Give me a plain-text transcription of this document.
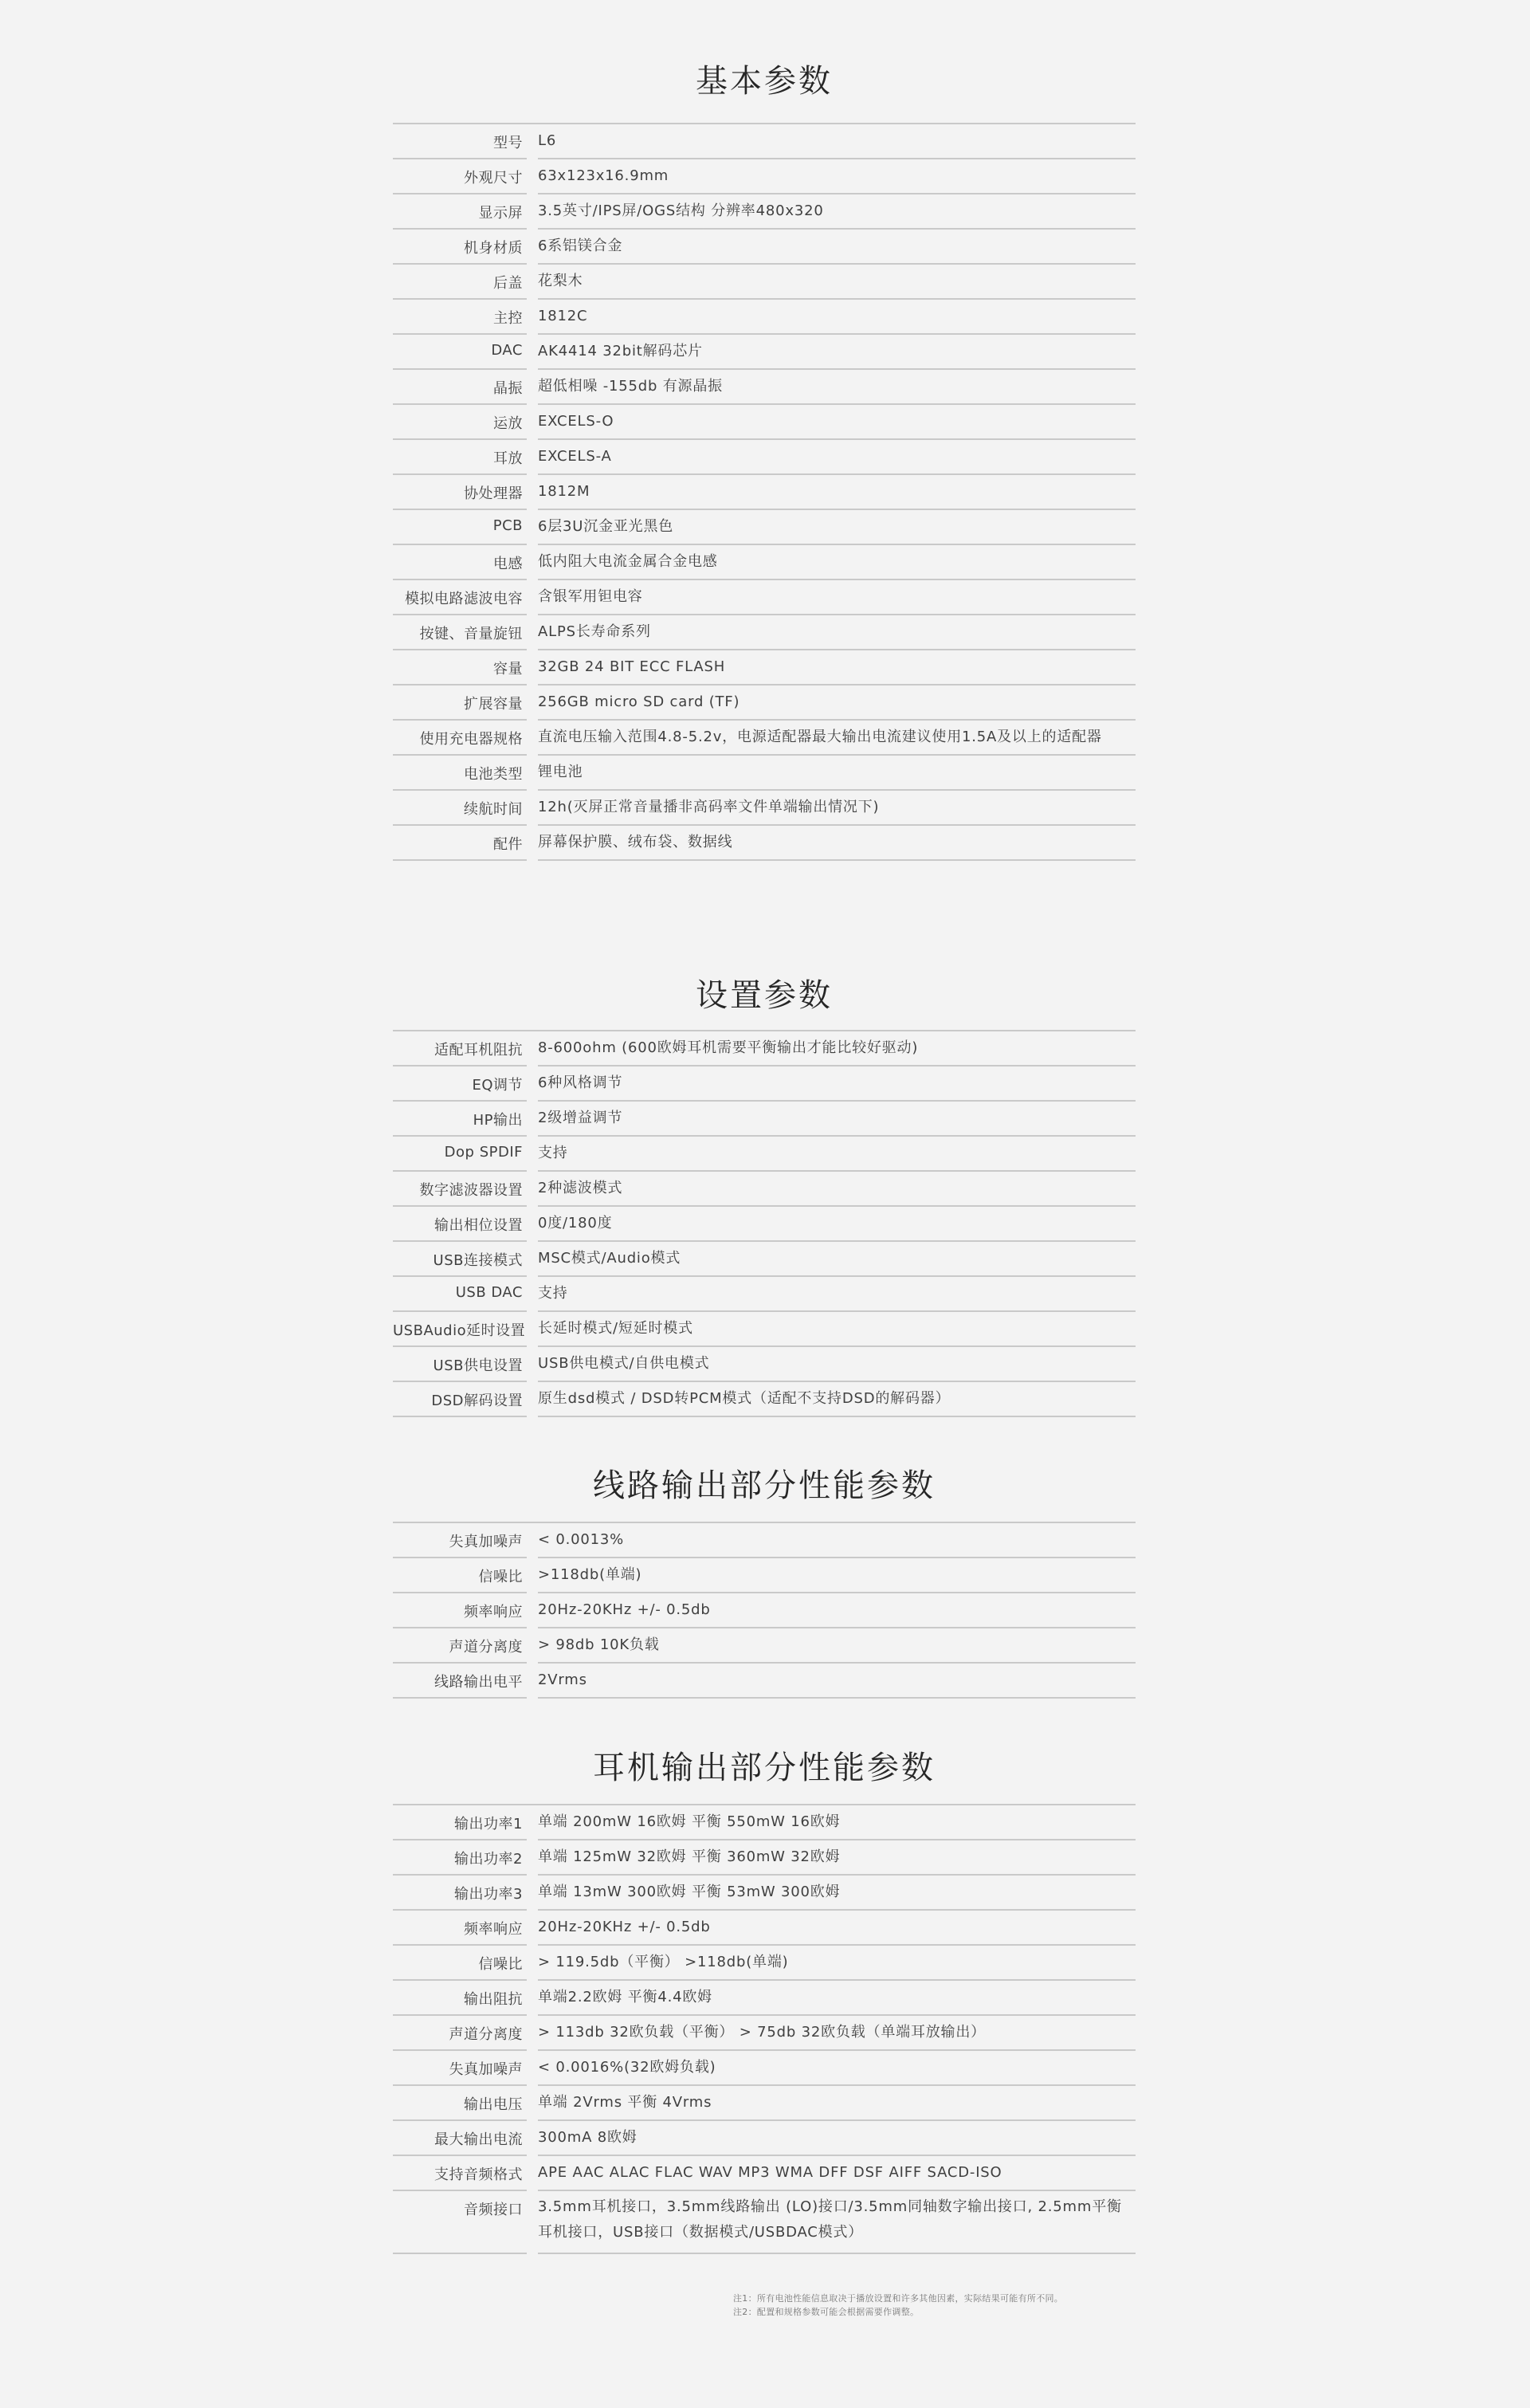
基本参数
型号 L6
外观尺寸 63x123x16.9mm
显示屏 3.5英寸/IPS屏/OGS结构 分辨率480x320
机身材质 6系铝镁合金
后盖 花梨木
主控 1812C
DAC AK4414 32bit解码芯片
晶振 超低相噪 -155db 有源晶振
运放 EXCELS-O
耳放 EXCELS-A
协处理器 1812M
PCB 6层3U沉金亚光黑色
电感 低内阻大电流金属合金电感
模拟电路滤波电容 含银军用钽电容
按键、音量旋钮 ALPS长寿命系列
容量 32GB 24 BIT ECC FLASH
扩展容量 256GB micro SD card (TF)
使用充电器规格 直流电压输入范围4.8-5.2v，电源适配器最大输出电流建议使用1.5A及以上的适配器
电池类型 锂电池
续航时间 12h(灭屏正常音量播非高码率文件单端输出情况下)
配件 屏幕保护膜、绒布袋、数据线
设置参数
适配耳机阻抗 8-600ohm (600欧姆耳机需要平衡输出才能比较好驱动)
EQ调节 6种风格调节
HP输出 2级增益调节
Dop SPDIF 支持
数字滤波器设置 2种滤波模式
输出相位设置 0度/180度
USB连接模式 MSC模式/Audio模式
USB DAC 支持
USBAudio延时设置 长延时模式/短延时模式
USB供电设置 USB供电模式/自供电模式
DSD解码设置 原生dsd模式 / DSD转PCM模式（适配不支持DSD的解码器）
线路输出部分性能参数
失真加噪声 < 0.0013%
信噪比 >118db(单端)
频率响应 20Hz-20KHz +/- 0.5db
声道分离度 > 98db 10K负载
线路输出电平 2Vrms
耳机输出部分性能参数
输出功率1 单端 200mW 16欧姆 平衡 550mW 16欧姆
输出功率2 单端 125mW 32欧姆 平衡 360mW 32欧姆
输出功率3 单端 13mW 300欧姆 平衡 53mW 300欧姆
频率响应 20Hz-20KHz +/- 0.5db
信噪比 > 119.5db（平衡） >118db(单端)
输出阻抗 单端2.2欧姆 平衡4.4欧姆
声道分离度 > 113db 32欧负载（平衡） > 75db 32欧负载（单端耳放输出）
失真加噪声 < 0.0016%(32欧姆负载)
输出电压 单端 2Vrms 平衡 4Vrms
最大输出电流 300mA 8欧姆
支持音频格式 APE AAC ALAC FLAC WAV MP3 WMA DFF DSF AIFF SACD-ISO
音频接口 3.5mm耳机接口，3.5mm线路输出 (LO)接口/3.5mm同轴数字输出接口, 2.5mm平衡耳机接口，USB接口（数据模式/USBDAC模式）
注1：所有电池性能信息取决于播放设置和许多其他因素，实际结果可能有所不同。
注2：配置和规格参数可能会根据需要作调整。
